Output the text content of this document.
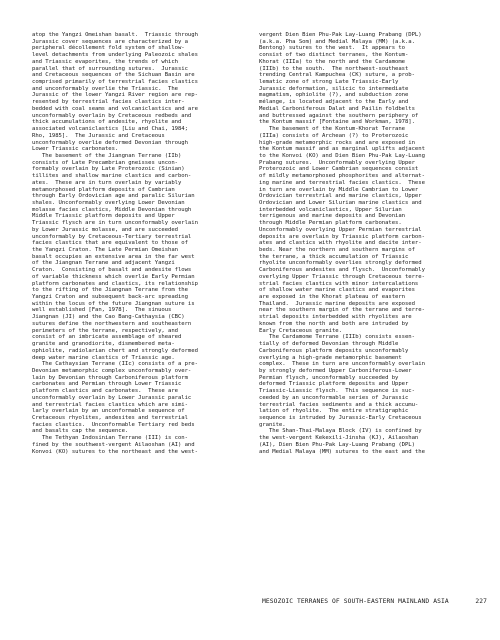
atop the Yangzi Omeishan basalt.  Triassic through

Jurassic cover sequences are characterized by a

peripheral décollement fold system of shallow-

level detachments from underlying Paleozoic shales

and Triassic evaporites, the trends of which

parallel that of surrounding sutures.  Jurassic

and Cretaceous sequences of the Sichuan Basin are

comprised primarily of terrestrial facies clastics

and unconformably overlie the Triassic.  The

Jurassic of the lower Yangzi River region are rep-

resented by terrestrial facies clastics inter-

bedded with coal seams and volcaniclastics and are

unconformably overlain by Cretaceous redbeds and

thick accumulations of andesite, rhyolite and

associated volcaniclastics [Liu and Chai, 1984;

Rho, 1985].  The Jurassic and Cretaceous

unconformably overlie deformed Devonian through

Lower Triassic carbonates.

The basement of the Jiangnan Terrane (IIb)

consists of Late Precambrian gneisses uncon-

formably overlain by Late Proterozoic (Sinian)

tillites and shallow marine clastics and carbon-

ates.  These are in turn overlain by variably

metamorphosed platform deposits of Cambrian

through Early Ordovician age and paralic Silurian

shales. Unconformably overlying Lower Devonian

molasse facies clastics, Middle Devonian through

Middle Triassic platform deposits and Upper

Triassic flysch are in turn unconformably overlain

by Lower Jurassic molasse, and are succeeded

unconformably by Cretaceous-Tertiary terrestrial

facies clastics that are equivalent to those of

the Yangzi Craton. The Late Permian Omeishan

basalt occupies an extensive area in the far west

of the Jiangnan Terrane and adjacent Yangzi

Craton.  Consisting of basalt and andesite flows

of variable thickness which overlie Early Permian

platform carbonates and clastics, its relationship

to the rifting of the Jiangnan Terrane from the

Yangzi Craton and subsequent back-arc spreading

within the locus of the future Jiangnan suture is

well established [Fan, 1978].  The sinuous

Jiangnan (JI) and the Cao Bang-Cathaysia (CBC)

sutures define the northwestern and southeastern

perimeters of the terrane, respectively, and

consist of an imbricate assemblage of sheared

granite and granodiorite, dismembered meta-

ophiolite, radiolarian chert and strongly deformed

deep water marine clastics of Triassic age.

The Cathaysian Terrane (IIc) consists of a pre-

Devonian metamorphic complex unconformably over-

lain by Devonian through Carboniferous platform

carbonates and Permian through Lower Triassic

platform clastics and carbonates.  These are

unconformably overlain by Lower Jurassic paralic

and terrestrial facies clastics which are simi-

larly overlain by an unconformable sequence of

Cretaceous rhyolites, andesites and terrestrial

facies clastics.  Unconformable Tertiary red beds

and basalts cap the sequence.

The Tethyan Indosinian Terrane (III) is con-

fined by the southwest-vergent Ailaoshan (AI) and

Konvoi (KO) sutures to the northeast and the west-

vergent Dien Bien Phu-Pak Lay-Luang Prabang (DPL)

(a.k.a. Pha Som) and Medial Malaya (MM) (a.k.a.

Bentong) sutures to the west.  It appears to

consist of two distinct terranes, the Kontum-

Khorat (IIIa) to the north and the Cardamome

(IIIb) to the south.  The northwest-southeast

trending Central Kampuchea (CK) suture, a prob-

lematic zone of strong Late Triassic-Early

Jurassic deformation, silicic to intermediate

magmatism, ophiolite (?), and subduction zone

mélange, is located adjacent to the Early and

Medial Carboniferous Dalat and Pailin foldbelts

and buttressed against the southern periphery of

the Kontum massif [Fontaine and Workman, 1978].

The basement of the Kontum-Khorat Terrane

(IIIa) consists of Archean (?) to Proterozoic

high-grade metamorphic rocks and are exposed in

the Kontum massif and as marginal uplifts adjacent

to the Konvoi (KO) and Dien Bien Phu-Pak Lay-Luang

Prabang sutures.  Unconformably overlying Upper

Proterozoic and Lower Cambrian sequences consist

of mildly metamorphosed phosphorites and alternat-

ing marine and terrestrial facies clastics.  These

in turn are overlain by Middle Cambrian to Lower

Ordovician terrestrial and marine clastics, Upper

Ordovician and Lower Silurian marine clastics and

interbedded volcaniclastics, Upper Silurian

terrigenous and marine deposits and Devonian

through Middle Permian platform carbonates.

Unconformably overlying Upper Permian terrestrial

deposits are overlain by Triassic platform carbon-

ates and clastics with rhyolite and dacite inter-

beds. Near the northern and southern margins of

the terrane, a thick accumulation of Triassic

rhyolite unconformably overlies strongly deformed

Carboniferous andesites and flysch.  Unconformably

overlying Upper Triassic through Cretaceous terre-

strial facies clastics with minor intercalations

of shallow water marine clastics and evaporites

are exposed in the Khorat plateau of eastern

Thailand.  Jurassic marine deposits are exposed

near the southern margin of the terrane and terre-

strial deposits interbedded with rhyolites are

known from the north and both are intruded by

Early Cretaceous granite.

The Cardamome Terrane (IIIb) consists essen-

tially of deformed Devonian through Middle

Carboniferous platform deposits unconformably

overlying a high-grade metamorphic basement

complex.  These in turn are unconformably overlain

by strongly deformed Upper Carboniferous-Lower

Permian flysch, unconformably succeeded by

deformed Triassic platform deposits and Upper

Triassic-Liassic flysch.  This sequence is suc-

ceeded by an unconformable series of Jurassic

terrestrial facies sediments and a thick accumu-

lation of rhyolite.  The entire stratigraphic

sequence is intruded by Jurassic-Early Cretaceous

granite.

The Shan-Thai-Malaya Block (IV) is confined by

the west-vergent Kekexili-Jinsha (KJ), Ailaoshan

(AI), Dien Bien Phu-Pak Lay-Luang Prabang (DPL)

and Medial Malaya (MM) sutures to the east and the

MESOZOIC TERRANES OF SOUTH-EASTERN MAINLAND ASIA

	227
